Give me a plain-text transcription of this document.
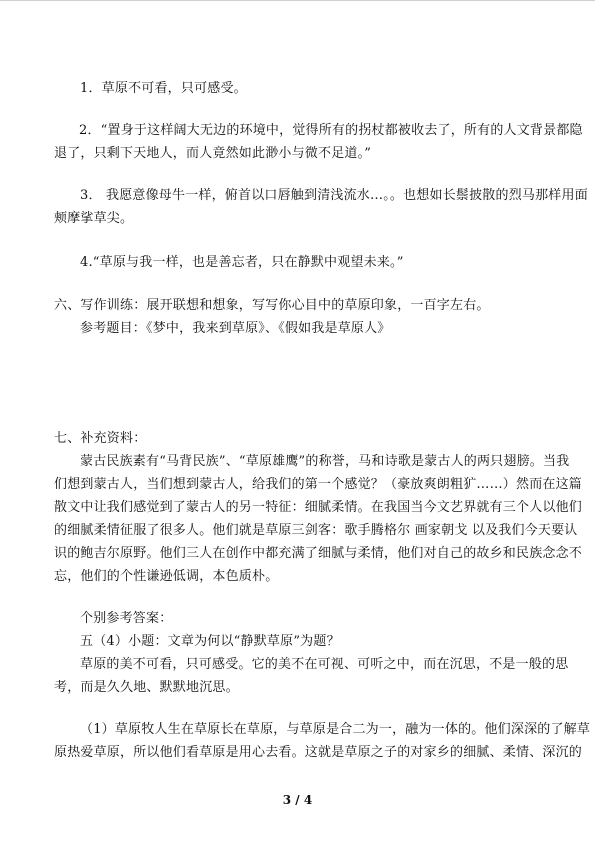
1．草原不可看，只可感受。
2．“置身于这样阔大无边的环境中，觉得所有的拐杖都被收去了，所有的人文背景都隐
退了，只剩下天地人，而人竟然如此渺小与微不足道。”
3． 我愿意像母牛一样，俯首以口唇触到清浅流水…。。也想如长鬃披散的烈马那样用面
颊摩挲草尖。
4.“草原与我一样，也是善忘者，只在静默中观望未来。”
六、写作训练：展开联想和想象，写写你心目中的草原印象，一百字左右。
参考题目：《梦中，我来到草原》、《假如我是草原人》
七、补充资料：
蒙古民族素有“马背民族”、“草原雄鹰”的称誉，马和诗歌是蒙古人的两只翅膀。当我
们想到蒙古人，当们想到蒙古人，给我们的第一个感觉？（豪放爽朗粗犷……）然而在这篇
散文中让我们感觉到了蒙古人的另一特征：细腻柔情。在我国当今文艺界就有三个人以他们
的细腻柔情征服了很多人。他们就是草原三剑客：歌手腾格尔 画家朝戈 以及我们今天要认
识的鲍吉尔原野。他们三人在创作中都充满了细腻与柔情，他们对自己的故乡和民族念念不
忘，他们的个性谦逊低调，本色质朴。
个别参考答案：
五（4）小题：文章为何以“静默草原”为题？
草原的美不可看，只可感受。它的美不在可视、可听之中，而在沉思，不是一般的思
考，而是久久地、默默地沉思。
（1）草原牧人生在草原长在草原，与草原是合二为一，融为一体的。他们深深的了解草
原热爱草原，所以他们看草原是用心去看。这就是草原之子的对家乡的细腻、柔情、深沉的
3 / 4
